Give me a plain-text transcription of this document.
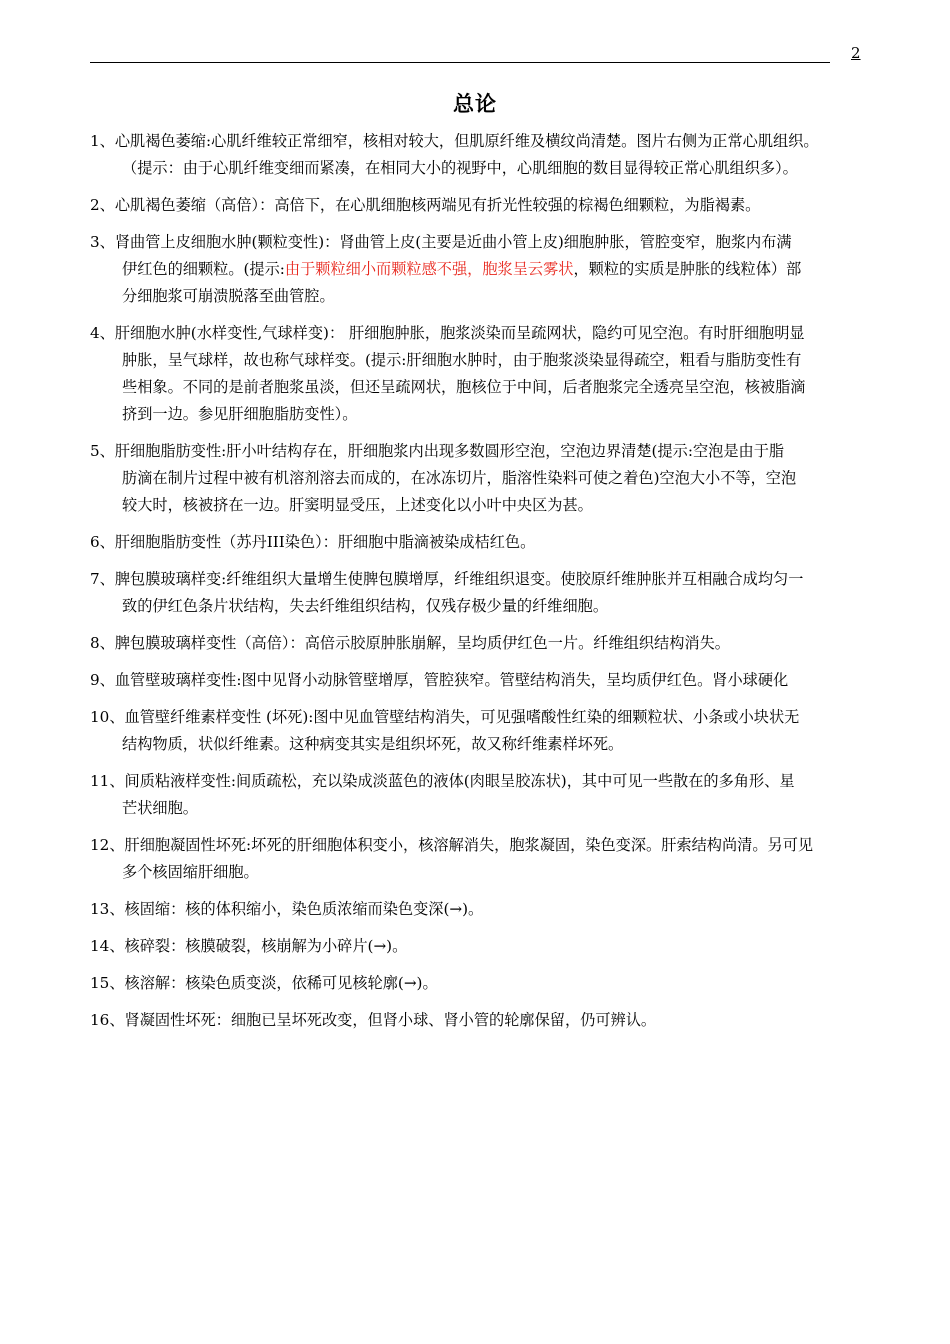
2
总论
1、心肌褐色萎缩:心肌纤维较正常细窄，核相对较大，但肌原纤维及横纹尚清楚。图片右侧为正常心肌组织。
（提示：由于心肌纤维变细而紧凑，在相同大小的视野中，心肌细胞的数目显得较正常心肌组织多）。
2、心肌褐色萎缩（高倍）：高倍下，在心肌细胞核两端见有折光性较强的棕褐色细颗粒，为脂褐素。
3、肾曲管上皮细胞水肿(颗粒变性)：肾曲管上皮(主要是近曲小管上皮)细胞肿胀，管腔变窄，胞浆内布满
伊红色的细颗粒。(提示:由于颗粒细小而颗粒感不强，胞浆呈云雾状，颗粒的实质是肿胀的线粒体）部
分细胞浆可崩溃脱落至曲管腔。
4、肝细胞水肿(水样变性,气球样变)： 肝细胞肿胀，胞浆淡染而呈疏网状，隐约可见空泡。有时肝细胞明显
肿胀，呈气球样，故也称气球样变。(提示:肝细胞水肿时，由于胞浆淡染显得疏空，粗看与脂肪变性有
些相象。不同的是前者胞浆虽淡，但还呈疏网状，胞核位于中间，后者胞浆完全透亮呈空泡，核被脂滴
挤到一边。参见肝细胞脂肪变性）。
5、肝细胞脂肪变性:肝小叶结构存在，肝细胞浆内出现多数圆形空泡，空泡边界清楚(提示:空泡是由于脂
肪滴在制片过程中被有机溶剂溶去而成的，在冰冻切片，脂溶性染料可使之着色)空泡大小不等，空泡
较大时，核被挤在一边。肝窦明显受压，上述变化以小叶中央区为甚。
6、肝细胞脂肪变性（苏丹III染色）：肝细胞中脂滴被染成桔红色。
7、脾包膜玻璃样变:纤维组织大量增生使脾包膜增厚，纤维组织退变。使胶原纤维肿胀并互相融合成均匀一
致的伊红色条片状结构，失去纤维组织结构，仅残存极少量的纤维细胞。
8、脾包膜玻璃样变性（高倍）：高倍示胶原肿胀崩解，呈均质伊红色一片。纤维组织结构消失。
9、血管壁玻璃样变性:图中见肾小动脉管壁增厚，管腔狭窄。管壁结构消失，呈均质伊红色。肾小球硬化
10、血管壁纤维素样变性 (坏死):图中见血管壁结构消失，可见强嗜酸性红染的细颗粒状、小条或小块状无
结构物质，状似纤维素。这种病变其实是组织坏死，故又称纤维素样坏死。
11、间质粘液样变性:间质疏松，充以染成淡蓝色的液体(肉眼呈胶冻状)，其中可见一些散在的多角形、星
芒状细胞。
12、肝细胞凝固性坏死:坏死的肝细胞体积变小，核溶解消失，胞浆凝固，染色变深。肝索结构尚清。另可见
多个核固缩肝细胞。
13、核固缩：核的体积缩小，染色质浓缩而染色变深(→)。
14、核碎裂：核膜破裂，核崩解为小碎片(→)。
15、核溶解：核染色质变淡，依稀可见核轮廓(→)。
16、肾凝固性坏死：细胞已呈坏死改变，但肾小球、肾小管的轮廓保留，仍可辨认。
